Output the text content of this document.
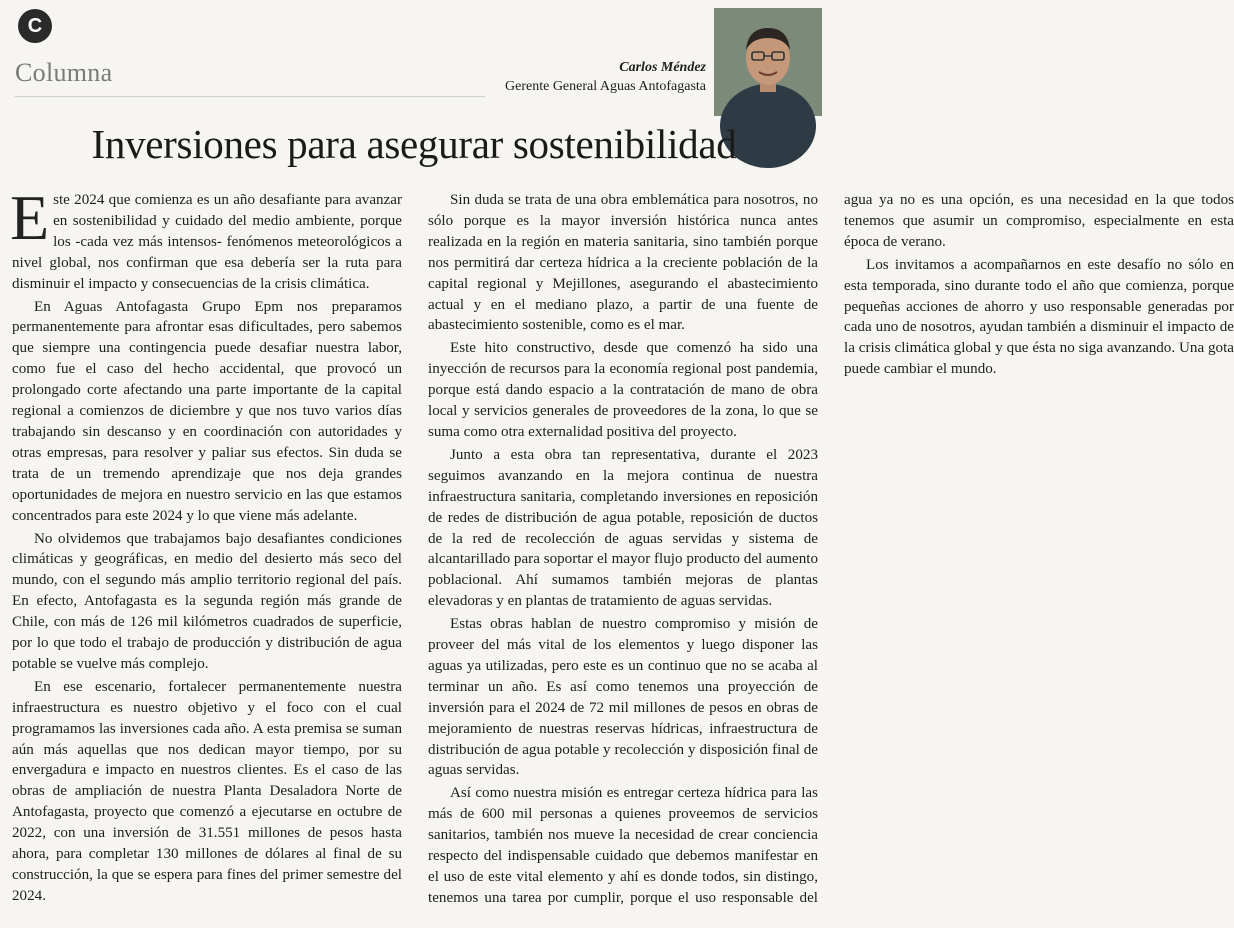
C
Columna	Carlos Méndez
Gerente General Aguas Antofagasta
Inversiones para asegurar sostenibilidad

Este 2024 que comienza es un año desafiante para avanzar en sostenibilidad y cuidado del medio ambiente, porque los -cada vez más intensos- fenómenos meteorológicos a nivel global, nos confirman que esa debería ser la ruta para disminuir el impacto y consecuencias de la crisis climática.

En Aguas Antofagasta Grupo Epm nos preparamos permanentemente para afrontar esas dificultades, pero sabemos que siempre una contingencia puede desafiar nuestra labor, como fue el caso del hecho accidental, que provocó un prolongado corte afectando una parte importante de la capital regional a comienzos de diciembre y que nos tuvo varios días trabajando sin descanso y en coordinación con autoridades y otras empresas, para resolver y paliar sus efectos. Sin duda se trata de un tremendo aprendizaje que nos deja grandes oportunidades de mejora en nuestro servicio en las que estamos concentrados para este 2024 y lo que viene más adelante.

No olvidemos que trabajamos bajo desafiantes condiciones climáticas y geográficas, en medio del desierto más seco del mundo, con el segundo más amplio territorio regional del país. En efecto, Antofagasta es la segunda región más grande de Chile, con más de 126 mil kilómetros cuadrados de superficie, por lo que todo el trabajo de producción y distribución de agua potable se vuelve más complejo.

En ese escenario, fortalecer permanentemente nuestra infraestructura es nuestro objetivo y el foco con el cual programamos las inversiones cada año. A esta premisa se suman aún más aquellas que nos dedican mayor tiempo, por su envergadura e impacto en nuestros clientes. Es el caso de las obras de ampliación de nuestra Planta Desaladora Norte de Antofagasta, proyecto que comenzó a ejecutarse en octubre de 2022, con una inversión de 31.551 millones de pesos hasta ahora, para completar 130 millones de dólares al final de su construcción, la que se espera para fines del primer semestre del 2024.

Sin duda se trata de una obra emblemática para nosotros, no sólo porque es la mayor inversión histórica nunca antes realizada en la región en materia sanitaria, sino también porque nos permitirá dar certeza hídrica a la creciente población de la capital regional y Mejillones, asegurando el abastecimiento actual y en el mediano plazo, a partir de una fuente de abastecimiento sostenible, como es el mar.

Este hito constructivo, desde que comenzó ha sido una inyección de recursos para la economía regional post pandemia, porque está dando espacio a la contratación de mano de obra local y servicios generales de proveedores de la zona, lo que se suma como otra externalidad positiva del proyecto.

Junto a esta obra tan representativa, durante el 2023 seguimos avanzando en la mejora continua de nuestra infraestructura sanitaria, completando inversiones en reposición de redes de distribución de agua potable, reposición de ductos de la red de recolección de aguas servidas y sistema de alcantarillado para soportar el mayor flujo producto del aumento poblacional. Ahí sumamos también mejoras de plantas elevadoras y en plantas de tratamiento de aguas servidas.

Estas obras hablan de nuestro compromiso y misión de proveer del más vital de los elementos y luego disponer las aguas ya utilizadas, pero este es un continuo que no se acaba al terminar un año. Es así como tenemos una proyección de inversión para el 2024 de 72 mil millones de pesos en obras de mejoramiento de nuestras reservas hídricas, infraestructura de distribución de agua potable y recolección y disposición final de aguas servidas.

Así como nuestra misión es entregar certeza hídrica para las más de 600 mil personas a quienes proveemos de servicios sanitarios, también nos mueve la necesidad de crear conciencia respecto del indispensable cuidado que debemos manifestar en el uso de este vital elemento y ahí es donde todos, sin distingo, tenemos una tarea por cumplir, porque el uso responsable del agua ya no es una opción, es una necesidad en la que todos tenemos que asumir un compromiso, especialmente en esta época de verano.

Los invitamos a acompañarnos en este desafío no sólo en esta temporada, sino durante todo el año que comienza, porque pequeñas acciones de ahorro y uso responsable generadas por cada uno de nosotros, ayudan también a disminuir el impacto de la crisis climática global y que ésta no siga avanzando. Una gota puede cambiar el mundo.
